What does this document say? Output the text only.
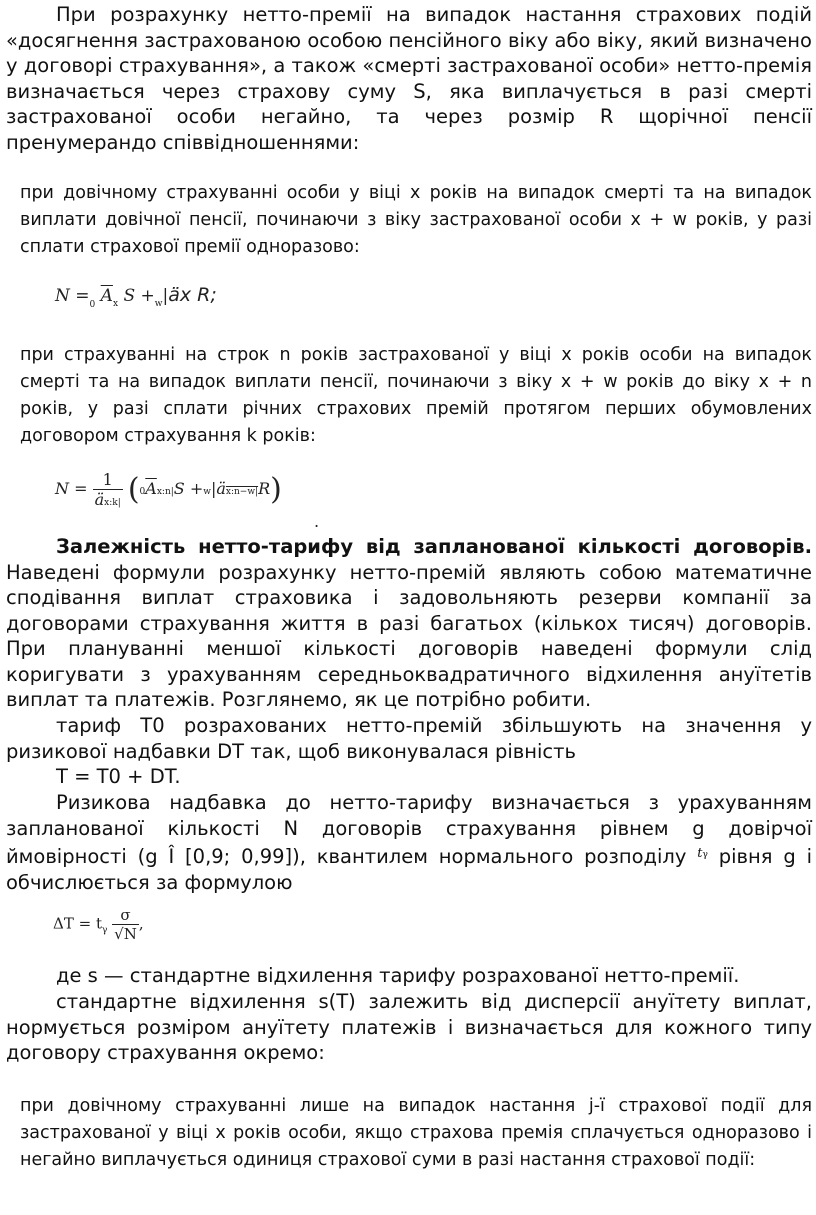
При розрахунку нетто-премії на випадок настання страхових подій «досягнення застрахованою особою пенсійного віку або віку, який визначено у договорі страхування», а також «смерті застрахованої особи» нетто-премія визначається через страхову суму S, яка виплачується в разі смерті застрахованої особи негайно, та через розмір R щорічної пенсії пренумерандо співвідношеннями:

при довічному страхуванні особи у віці x років на випадок смерті та на випадок виплати довічної пенсії, починаючи з віку застрахованої особи x + w років, у разі сплати страхової премії одноразово:

$N =_0$ $\overline{A}_x$ $S +_w|äx$ R;

при страхуванні на строк n років застрахованої у віці x років особи на випадок смерті та на випадок виплати пенсії, починаючи з віку x + w років до віку x + n років, у разі сплати річних страхових премій протягом перших обумовлених договором страхування k років:

$N = \frac{1}{äx:k|}$ ($0\overline{A}x:n|S$ +w|äx:n−w|R)
.

Залежність нетто-тарифу від запланованої кількості договорів. Наведені формули розрахунку нетто-премій являють собою математичне сподівання виплат страховика і задовольняють резерви компанії за договорами страхування життя в разі багатьох (кількох тисяч) договорів. При плануванні меншої кількості договорів наведені формули слід коригувати з урахуванням середньоквадратичного відхилення ануїтетів виплат та платежів. Розглянемо, як це потрібно робити.

тариф T0 розрахованих нетто-премій збільшують на значення у ризикової надбавки DT так, щоб виконувалася рівність

T = T0 + DT.

Ризикова надбавка до нетто-тарифу визначається з урахуванням запланованої кількості N договорів страхування рівнем g довірчої ймовірності (g Î [0,9; 0,99]), квантилем нормального розподілу $^{t\gamma}$ рівня g і обчислюється за формулою

$\Delta T = t_\gamma \frac{\sigma}{√N}$ ,

де s — стандартне відхилення тарифу розрахованої нетто-премії.

стандартне відхилення s(T) залежить від дисперсії ануїтету виплат, нормується розміром ануїтету платежів і визначається для кожного типу договору страхування окремо:

при довічному страхуванні лише на випадок настання j-ї страхової події для застрахованої у віці x років особи, якщо страхова премія сплачується одноразово і негайно виплачується одиниця страхової суми в разі настання страхової події:
